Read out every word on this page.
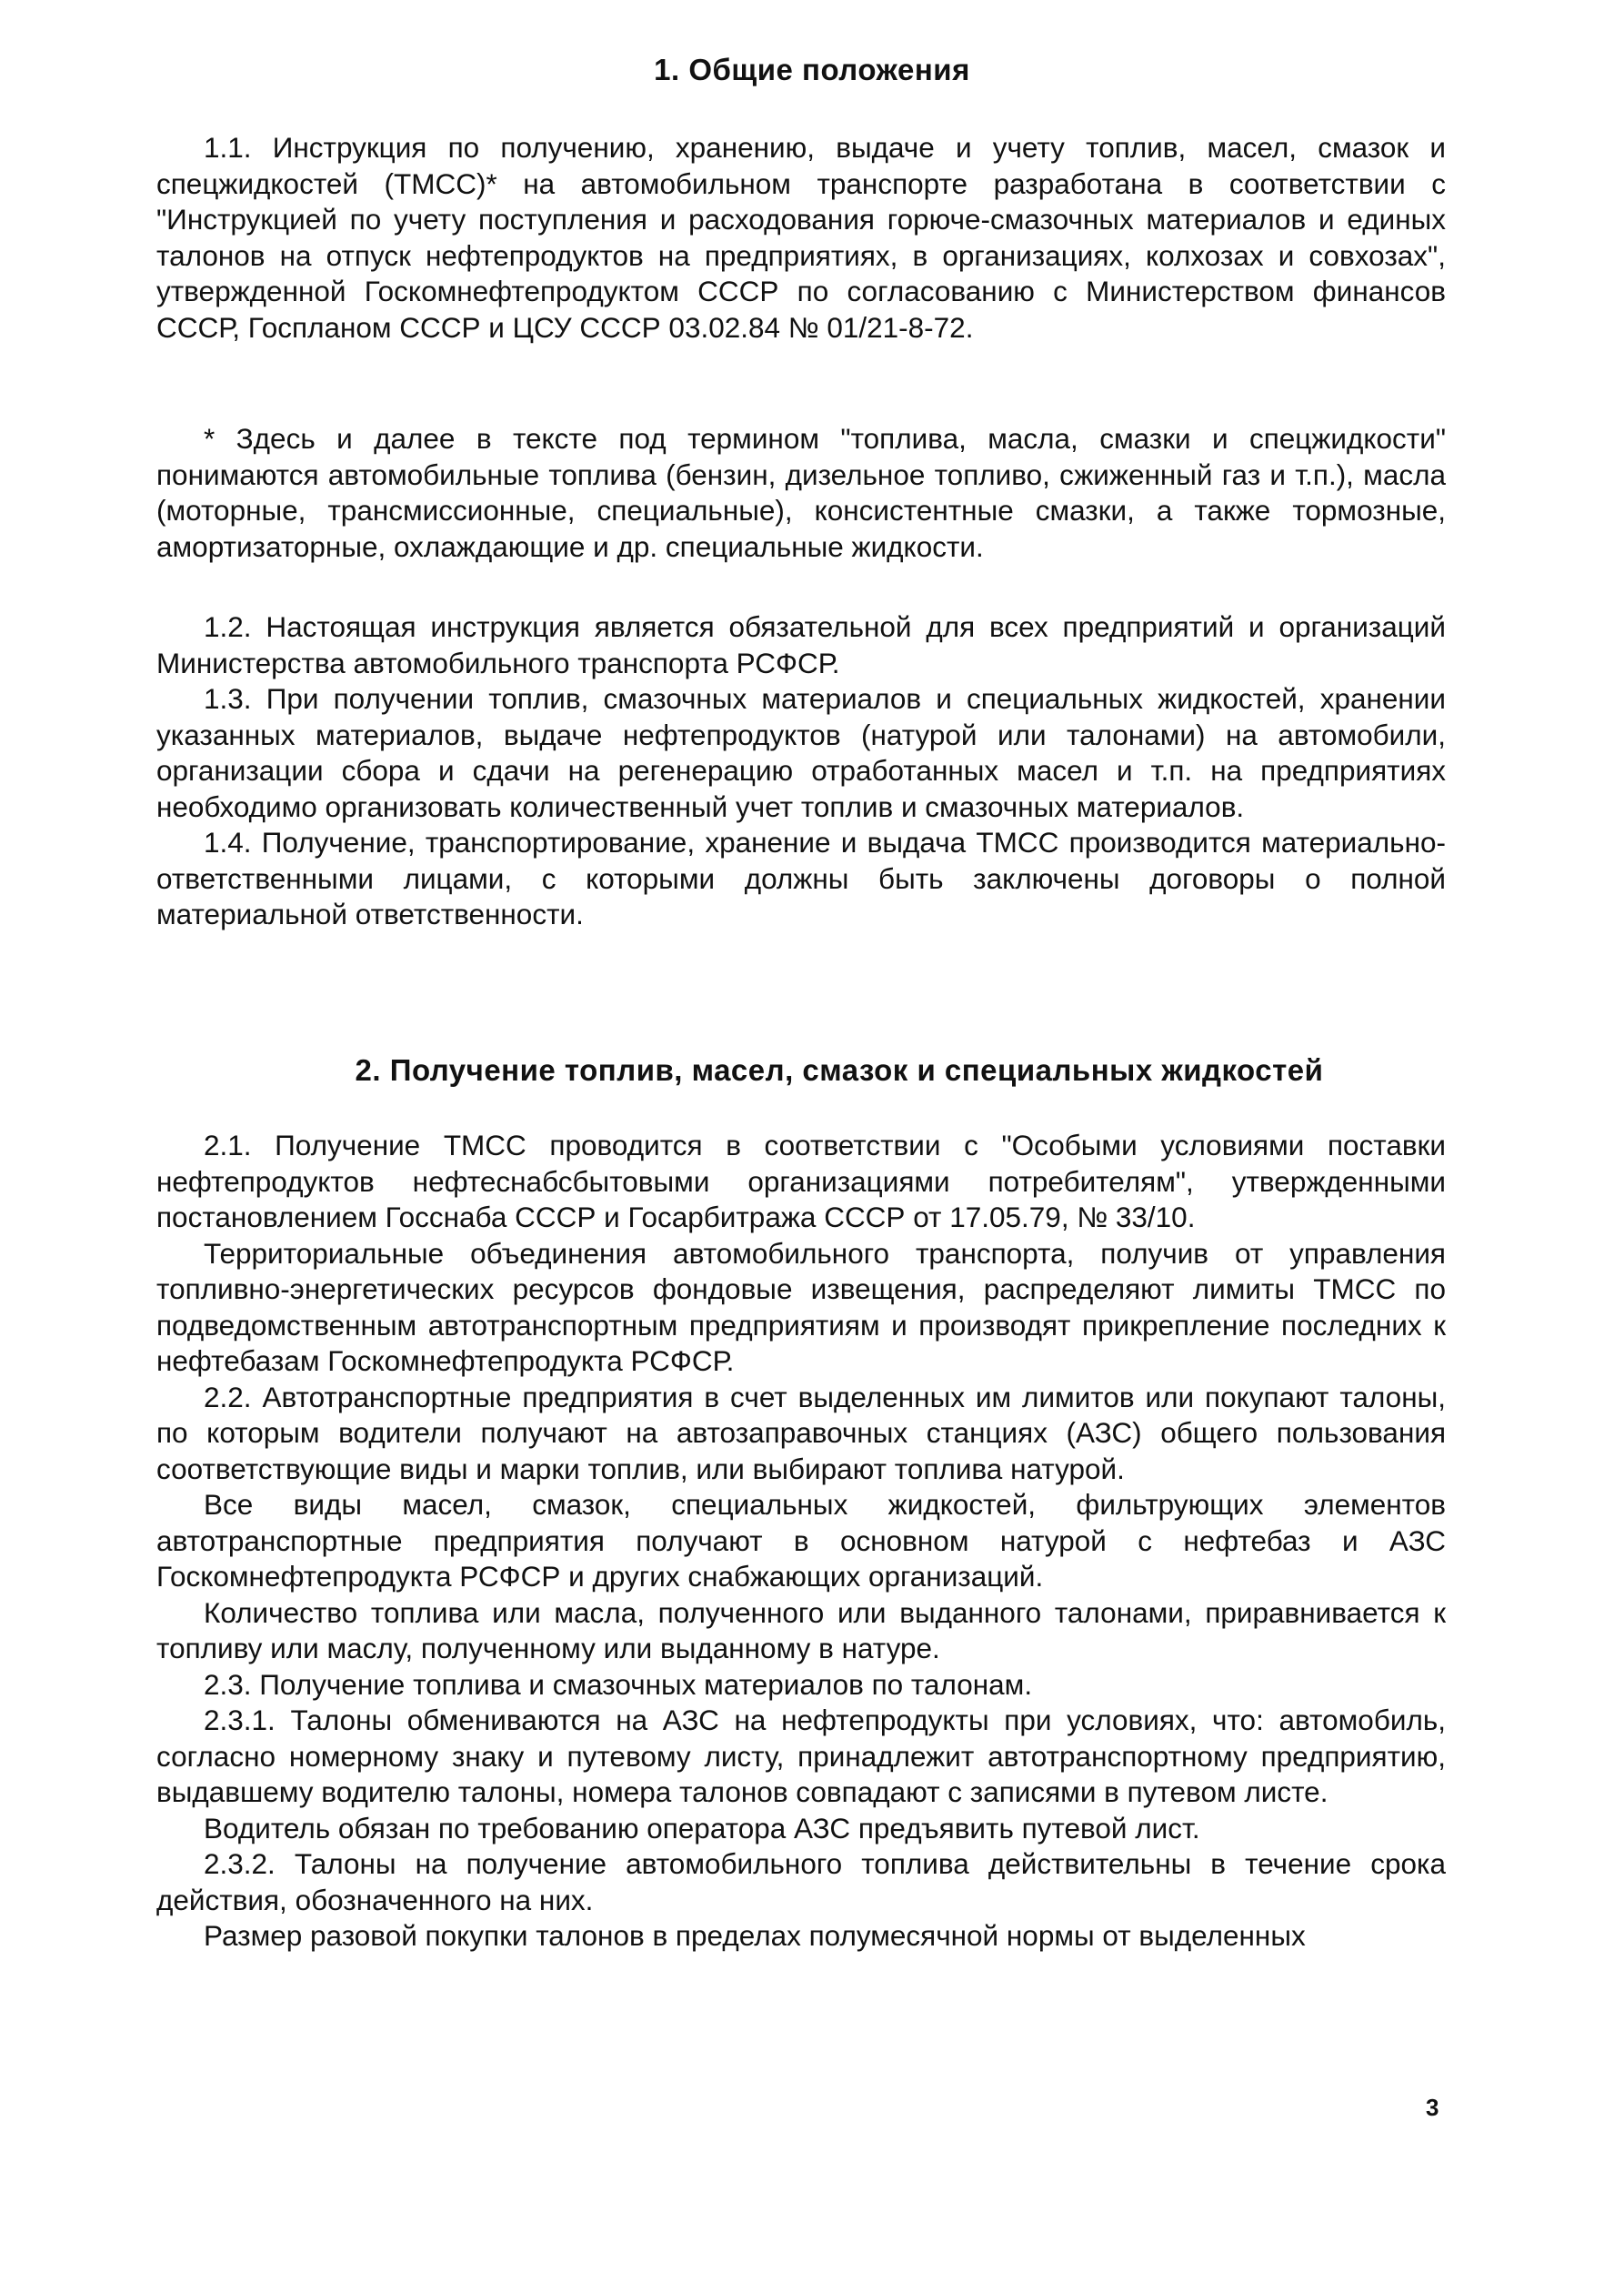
1. Общие положения

1.1. Инструкция по получению, хранению, выдаче и учету топлив, масел, смазок и спецжидкостей (ТМСС)* на автомобильном транспорте разработана в соответствии с "Инструкцией по учету поступления и расходования горюче-смазочных материалов и единых талонов на отпуск нефтепродуктов на предприятиях, в организациях, колхозах и совхозах", утвержденной Госкомнефтепродуктом СССР по согласованию с Министерством финансов СССР, Госпланом СССР и ЦСУ СССР 03.02.84 № 01/21-8-72.

* Здесь и далее в тексте под термином "топлива, масла, смазки и спецжидкости" понимаются автомобильные топлива (бензин, дизельное топливо, сжиженный газ и т.п.), масла (моторные, трансмиссионные, специальные), консистентные смазки, а также тормозные, амортизаторные, охлаждающие и др. специальные жидкости.

1.2. Настоящая инструкция является обязательной для всех предприятий и организаций Министерства автомобильного транспорта РСФСР.

1.3. При получении топлив, смазочных материалов и специальных жидкостей, хранении указанных материалов, выдаче нефтепродуктов (натурой или талонами) на автомобили, организации сбора и сдачи на регенерацию отработанных масел и т.п. на предприятиях необходимо организовать количественный учет топлив и смазочных материалов.

1.4. Получение, транспортирование, хранение и выдача ТМСС производится материально-ответственными лицами, с которыми должны быть заключены договоры о полной материальной ответственности.

2. Получение топлив, масел, смазок и специальных жидкостей

2.1. Получение ТМСС проводится в соответствии с "Особыми условиями поставки нефтепродуктов нефтеснабсбытовыми организациями потребителям", утвержденными постановлением Госснаба СССР и Госарбитража СССР от 17.05.79, № 33/10.

Территориальные объединения автомобильного транспорта, получив от управления топливно-энергетических ресурсов фондовые извещения, распределяют лимиты ТМСС по подведомственным автотранспортным предприятиям и производят прикрепление последних к нефтебазам Госкомнефтепродукта РСФСР.

2.2. Автотранспортные предприятия в счет выделенных им лимитов или покупают талоны, по которым водители получают на автозаправочных станциях (АЗС) общего пользования соответствующие виды и марки топлив, или выбирают топлива натурой.

Все виды масел, смазок, специальных жидкостей, фильтрующих элементов автотранспортные предприятия получают в основном натурой с нефтебаз и АЗС Госкомнефтепродукта РСФСР и других снабжающих организаций.

Количество топлива или масла, полученного или выданного талонами, приравнивается к топливу или маслу, полученному или выданному в натуре.

2.3. Получение топлива и смазочных материалов по талонам.

2.3.1. Талоны обмениваются на АЗС на нефтепродукты при условиях, что: автомобиль, согласно номерному знаку и путевому листу, принадлежит автотранспортному предприятию, выдавшему водителю талоны, номера талонов совпадают с записями в путевом листе.

Водитель обязан по требованию оператора АЗС предъявить путевой лист.

2.3.2. Талоны на получение автомобильного топлива действительны в течение срока действия, обозначенного на них.

Размер разовой покупки талонов в пределах полумесячной нормы от выделенных

3
